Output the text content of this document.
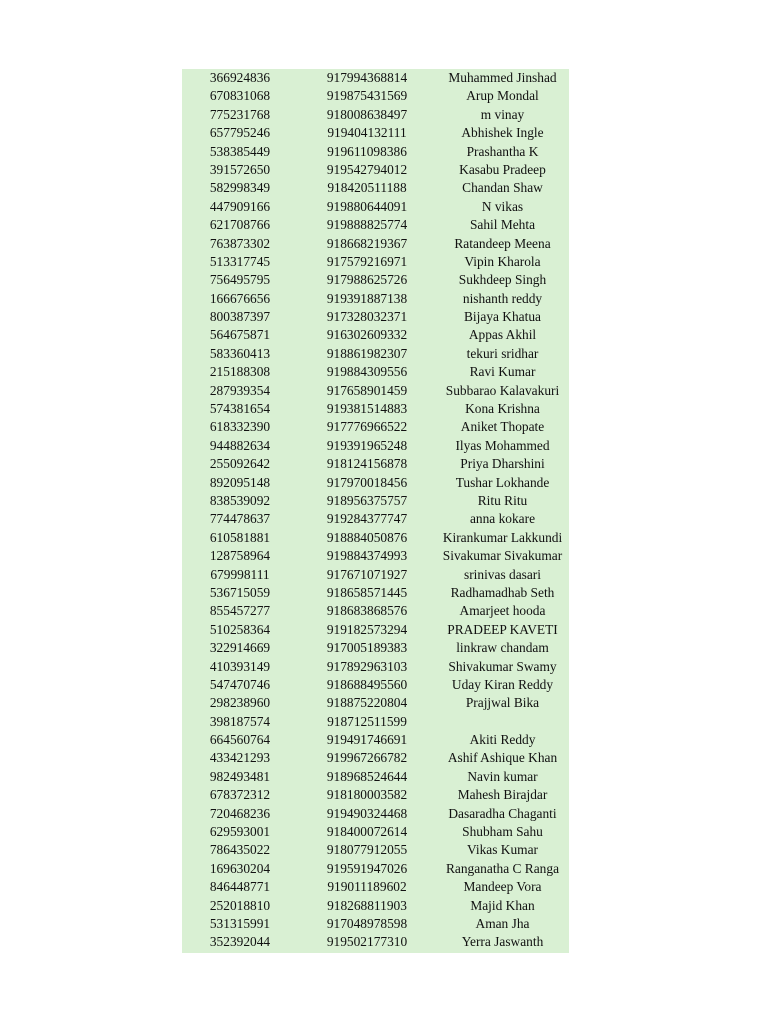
366924836	917994368814	Muhammed Jinshad
670831068	919875431569	Arup Mondal
775231768	918008638497	m vinay
657795246	919404132111	Abhishek Ingle
538385449	919611098386	Prashantha K
391572650	919542794012	Kasabu Pradeep
582998349	918420511188	Chandan Shaw
447909166	919880644091	N vikas
621708766	919888825774	Sahil Mehta
763873302	918668219367	Ratandeep Meena
513317745	917579216971	Vipin Kharola
756495795	917988625726	Sukhdeep Singh
166676656	919391887138	nishanth reddy
800387397	917328032371	Bijaya Khatua
564675871	916302609332	Appas Akhil
583360413	918861982307	tekuri sridhar
215188308	919884309556	Ravi Kumar
287939354	917658901459	Subbarao Kalavakuri
574381654	919381514883	Kona Krishna
618332390	917776966522	Aniket Thopate
944882634	919391965248	Ilyas Mohammed
255092642	918124156878	Priya Dharshini
892095148	917970018456	Tushar Lokhande
838539092	918956375757	Ritu Ritu
774478637	919284377747	anna kokare
610581881	918884050876	Kirankumar Lakkundi
128758964	919884374993	Sivakumar Sivakumar
679998111	917671071927	srinivas dasari
536715059	918658571445	Radhamadhab Seth
855457277	918683868576	Amarjeet hooda
510258364	919182573294	PRADEEP KAVETI
322914669	917005189383	linkraw chandam
410393149	917892963103	Shivakumar Swamy
547470746	918688495560	Uday Kiran Reddy
298238960	918875220804	Prajjwal Bika
398187574	918712511599
664560764	919491746691	Akiti Reddy
433421293	919967266782	Ashif Ashique Khan
982493481	918968524644	Navin kumar
678372312	918180003582	Mahesh Birajdar
720468236	919490324468	Dasaradha Chaganti
629593001	918400072614	Shubham Sahu
786435022	918077912055	Vikas Kumar
169630204	919591947026	Ranganatha C Ranga
846448771	919011189602	Mandeep Vora
252018810	918268811903	Majid Khan
531315991	917048978598	Aman Jha
352392044	919502177310	Yerra Jaswanth
